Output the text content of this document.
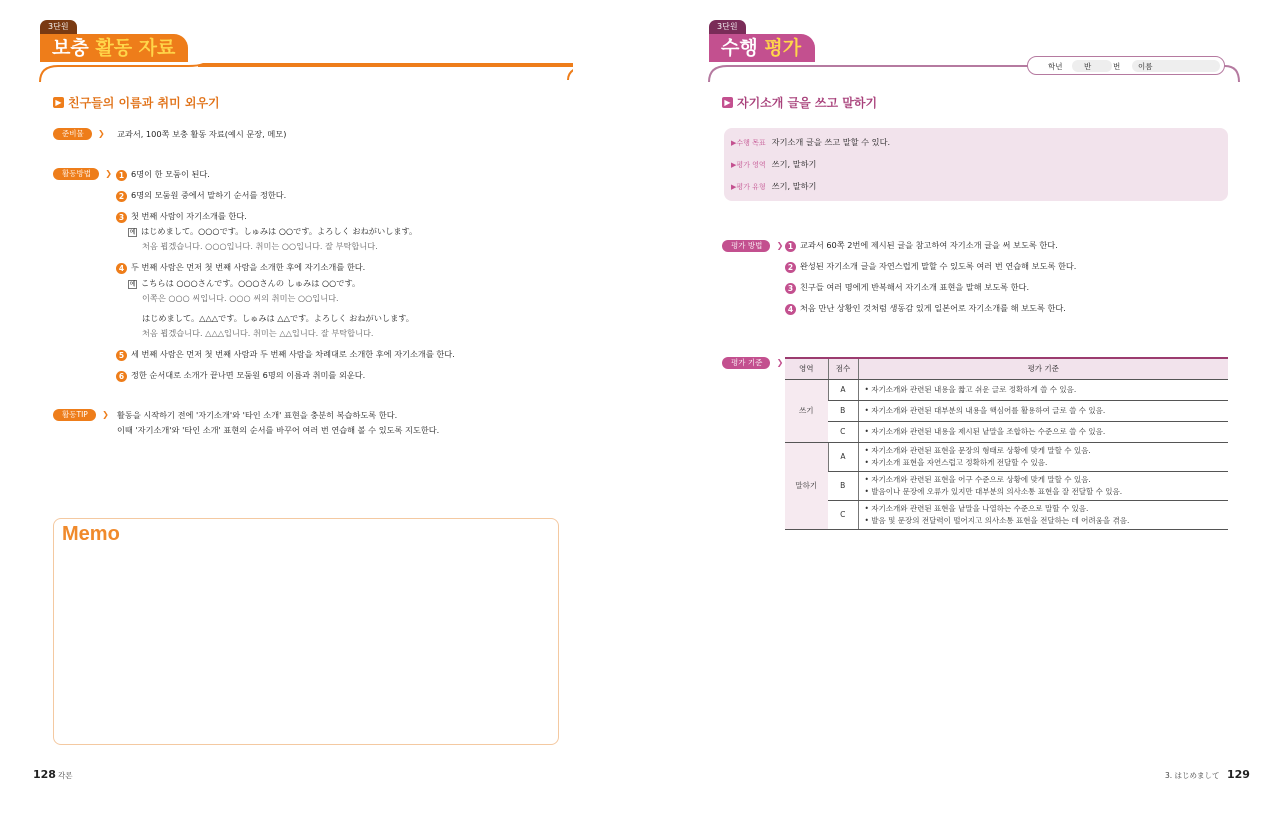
3단원
보충 활동 자료
▶ 친구들의 이름과 취미 외우기
준비물 ❯	교과서, 100쪽 보충 활동 자료(예시 문장, 메모)
활동방법 ❯	1 6명이 한 모둠이 된다.
2 6명의 모둠원 중에서 말하기 순서를 정한다.
3 첫 번째 사람이 자기소개를 한다.
예 はじめまして。○○○です。しゅみは ○○です。よろしく おねがいします。
처음 뵙겠습니다. ○○○입니다. 취미는 ○○입니다. 잘 부탁합니다.
4 두 번째 사람은 먼저 첫 번째 사람을 소개한 후에 자기소개를 한다.
예 こちらは ○○○さんです。○○○さんの しゅみは ○○です。
이쪽은 ○○○ 씨입니다. ○○○ 씨의 취미는 ○○입니다.
はじめまして。△△△です。しゅみは △△です。よろしく おねがいします。
처음 뵙겠습니다. △△△입니다. 취미는 △△입니다. 잘 부탁합니다.
5 세 번째 사람은 먼저 첫 번째 사람과 두 번째 사람을 차례대로 소개한 후에 자기소개를 한다.
6 정한 순서대로 소개가 끝나면 모둠원 6명의 이름과 취미를 외운다.
활동TIP ❯	활동을 시작하기 전에 '자기소개'와 '타인 소개' 표현을 충분히 복습하도록 한다.
이때 '자기소개'와 '타인 소개' 표현의 순서를 바꾸어 여러 번 연습해 볼 수 있도록 지도한다.
Memo
128 각론
3단원
수행 평가
학년	반	번 이름
▶ 자기소개 글을 쓰고 말하기
▶수행 목표 자기소개 글을 쓰고 말할 수 있다.
▶평가 영역 쓰기, 말하기
▶평가 유형 쓰기, 말하기
평가 방법 ❯	1 교과서 60쪽 2번에 제시된 글을 참고하여 자기소개 글을 써 보도록 한다.
2 완성된 자기소개 글을 자연스럽게 말할 수 있도록 여러 번 연습해 보도록 한다.
3 친구들 여러 명에게 반복해서 자기소개 표현을 말해 보도록 한다.
4 처음 만난 상황인 것처럼 생동감 있게 일본어로 자기소개를 해 보도록 한다.
평가 기준 ❯
영역	점수	평가 기준
쓰기	A	• 자기소개와 관련된 내용을 짧고 쉬운 글로 정확하게 쓸 수 있음.
	B	• 자기소개와 관련된 대부분의 내용을 핵심어를 활용하여 글로 쓸 수 있음.
	C	• 자기소개와 관련된 내용을 제시된 낱말을 조합하는 수준으로 쓸 수 있음.
말하기	A	• 자기소개와 관련된 표현을 문장의 형태로 상황에 맞게 말할 수 있음.
• 자기소개 표현을 자연스럽고 정확하게 전달할 수 있음.

	B	• 자기소개와 관련된 표현을 어구 수준으로 상황에 맞게 말할 수 있음.
• 발음이나 문장에 오류가 있지만 대부분의 의사소통 표현을 잘 전달할 수 있음.

	C	• 자기소개와 관련된 표현을 낱말을 나열하는 수준으로 말할 수 있음.
• 발음 및 문장의 전달력이 떨어지고 의사소통 표현을 전달하는 데 어려움을 겪음.
3. はじめまして 129
